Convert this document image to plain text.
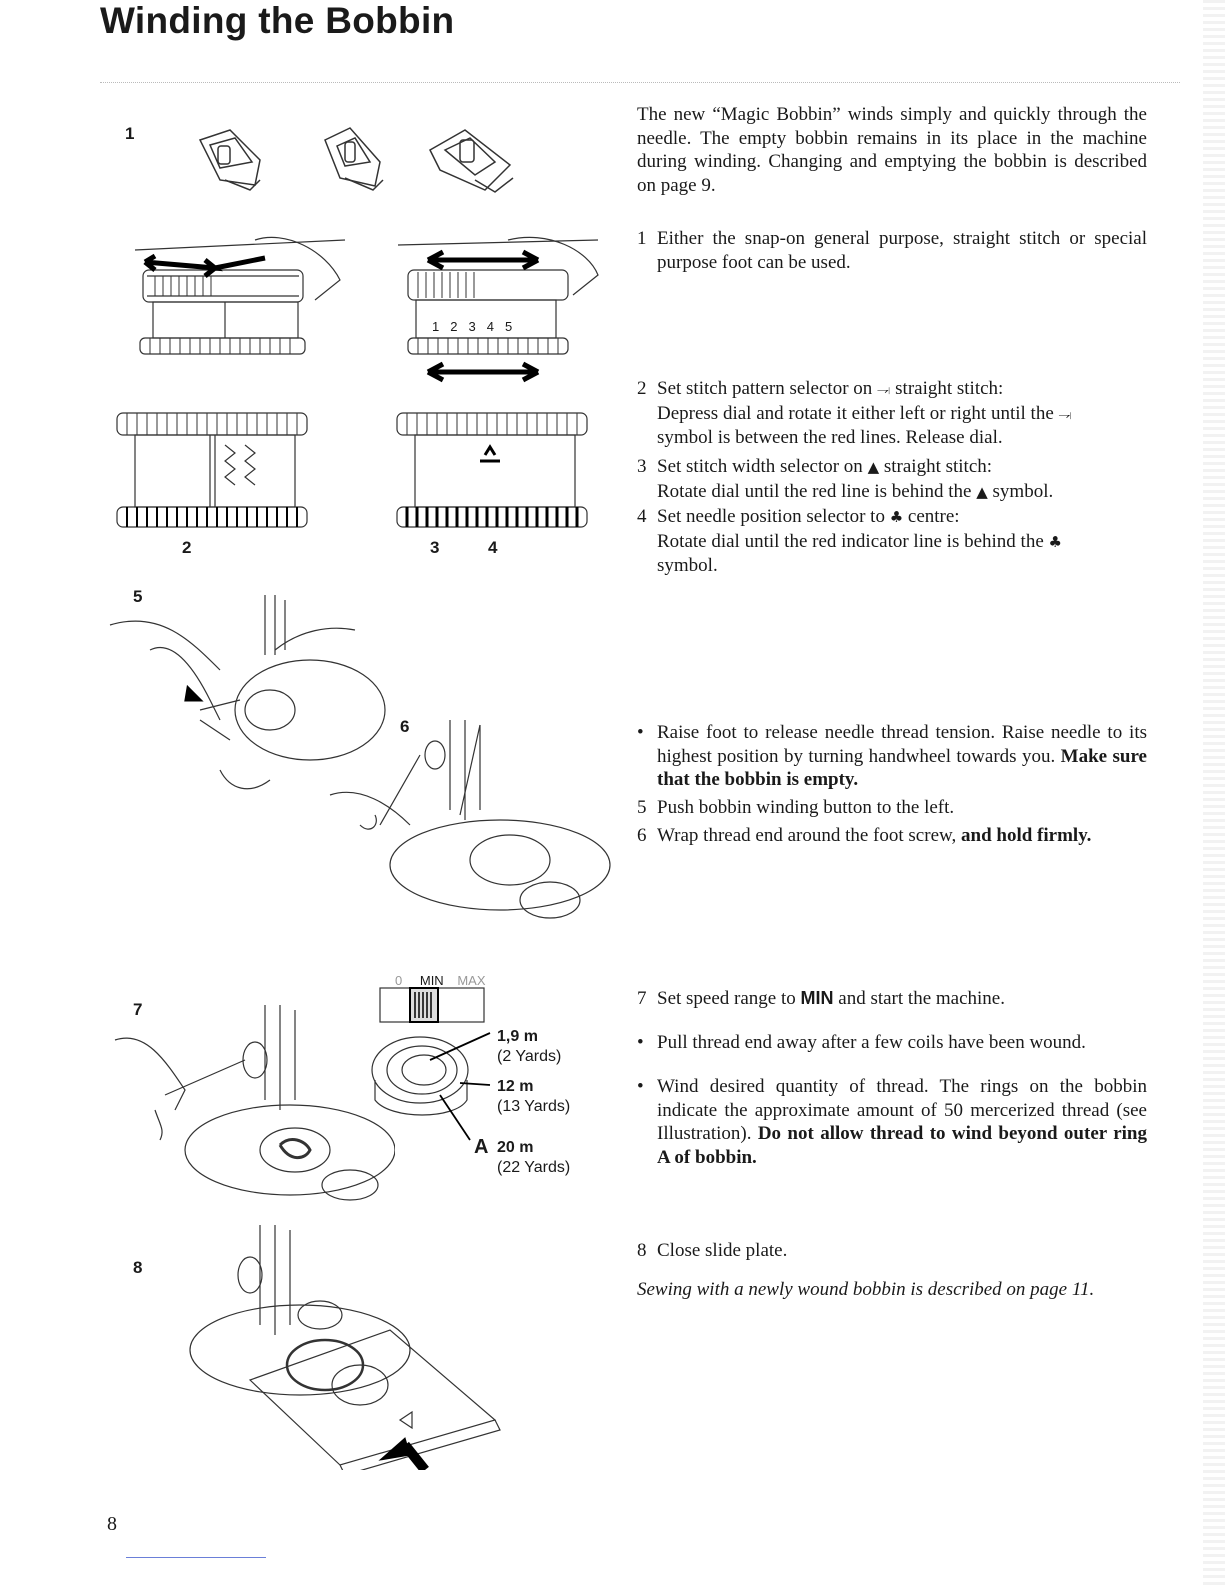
Winding the Bobbin
1
12345
2	3	4
5
6
7
0 MIN MAX
1,9 m
(2 Yards)
12 m
(13 Yards)
A 20 m
(22 Yards)
8
The new “Magic Bobbin” winds simply and quickly through the needle. The empty bobbin remains in its place in the machine during winding. Changing and emptying the bobbin is described on page 9.
1 Either the snap-on general purpose, straight stitch or special purpose foot can be used.
2 Set stitch pattern selector on ⥗ straight stitch:
Depress dial and rotate it either left or right until the ⥗
symbol is between the red lines. Release dial.
3 Set stitch width selector on ▲ straight stitch:
Rotate dial until the red line is behind the ▲ symbol.
4 Set needle position selector to ♣ centre:
Rotate dial until the red indicator line is behind the ♣
symbol.
• Raise foot to release needle thread tension. Raise needle to its highest position by turning handwheel towards you. Make sure that the bobbin is empty.
5 Push bobbin winding button to the left.
6 Wrap thread end around the foot screw, and hold firmly.
7 Set speed range to MIN and start the machine.
• Pull thread end away after a few coils have been wound.
• Wind desired quantity of thread. The rings on the bobbin indicate the approximate amount of 50 mercerized thread (see Illustration). Do not allow thread to wind beyond outer ring A of bobbin.
8 Close slide plate.
Sewing with a newly wound bobbin is described on page 11.
8
